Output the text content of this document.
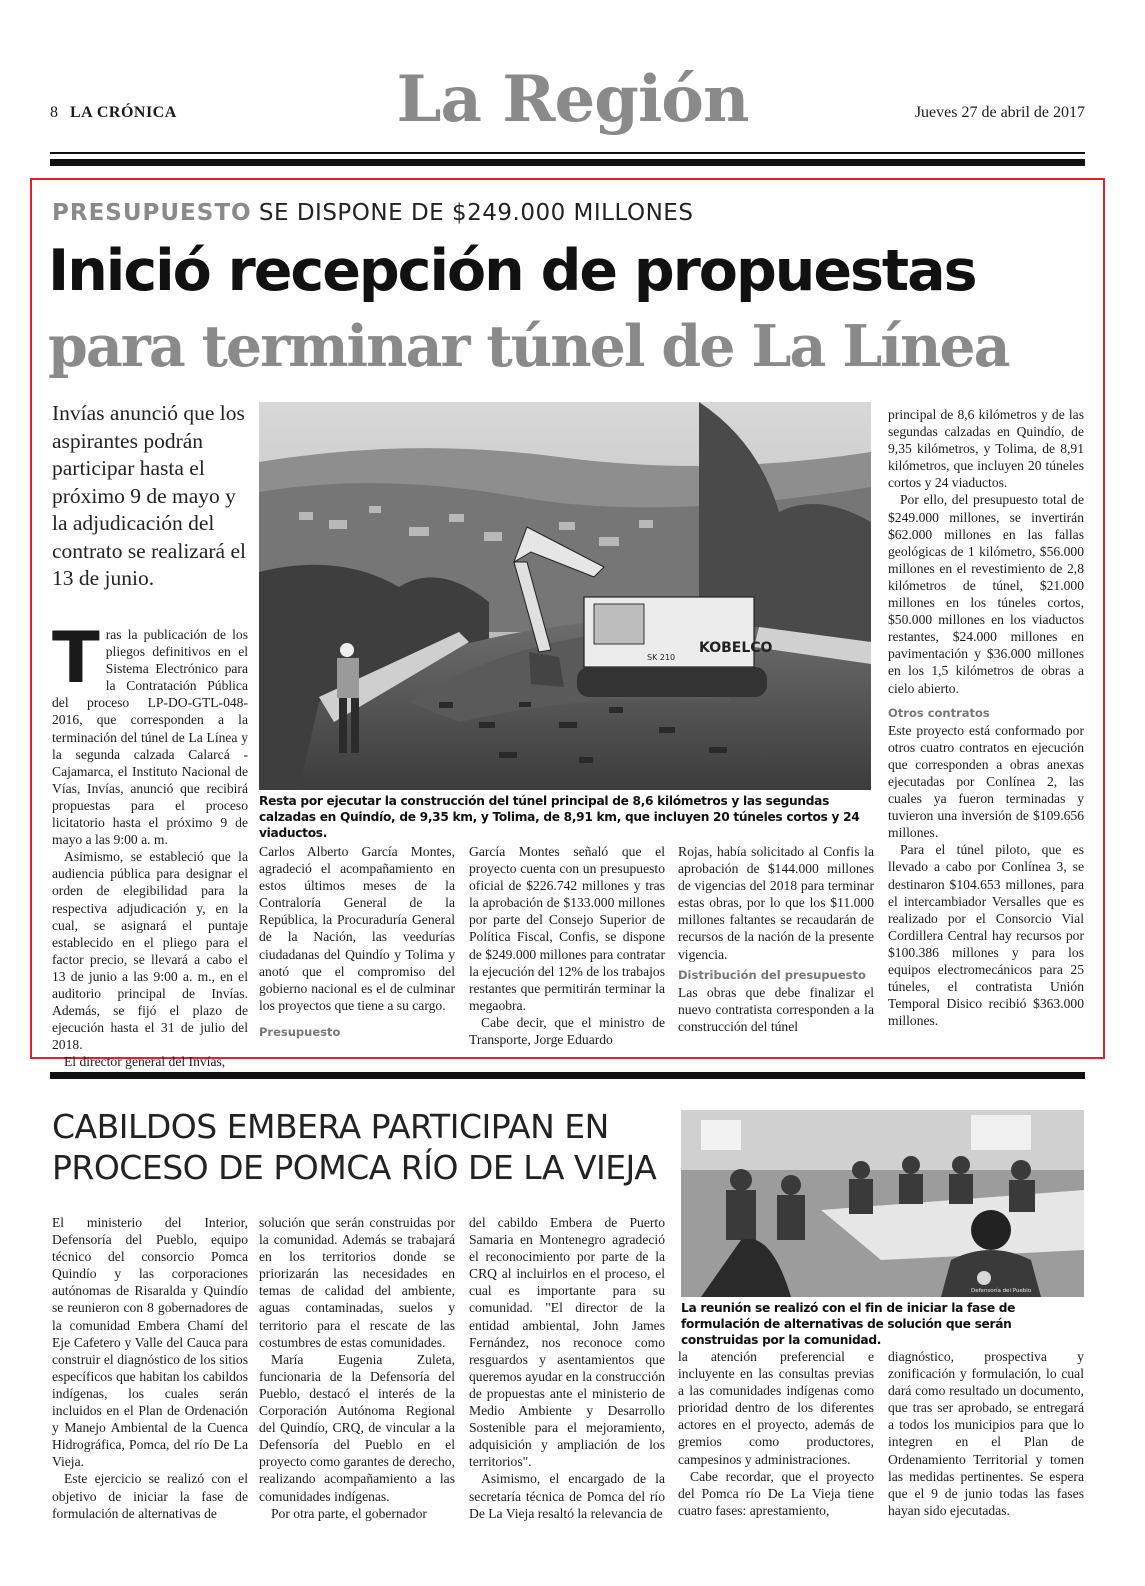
8 LA CRÓNICA	La Región	Jueves 27 de abril de 2017
PRESUPUESTO SE DISPONE DE $249.000 MILLONES
Inició recepción de propuestas
para terminar túnel de La Línea
Invías anunció que los aspirantes podrán participar hasta el próximo 9 de mayo y la adjudicación del contrato se realizará el 13 de junio.
KOBELCO
SK 210
Resta por ejecutar la construcción del túnel principal de 8,6 kilómetros y las segundas calzadas en Quindío, de 9,35 km, y Tolima, de 8,91 km, que incluyen 20 túneles cortos y 24 viaductos.

Tras la publicación de los pliegos definitivos en el Sistema Electrónico para la Contratación Pública del proceso LP-DO-GTL-048-2016, que corresponden a la terminación del túnel de La Línea y la segunda calzada Calarcá - Cajamarca, el Instituto Nacional de Vías, Invías, anunció que recibirá propuestas para el proceso licitatorio hasta el próximo 9 de mayo a las 9:00 a. m.

Asimismo, se estableció que la audiencia pública para designar el orden de elegibilidad para la respectiva adjudicación y, en la cual, se asignará el puntaje establecido en el pliego para el factor precio, se llevará a cabo el 13 de junio a las 9:00 a. m., en el auditorio principal de Invías. Además, se fijó el plazo de ejecución hasta el 31 de julio del 2018.

El director general del Invías,

Carlos Alberto García Montes, agradeció el acompañamiento en estos últimos meses de la Contraloría General de la República, la Procuraduría General de la Nación, las veedurías ciudadanas del Quindío y Tolima y anotó que el compromiso del gobierno nacional es el de culminar los proyectos que tiene a su cargo.

Presupuesto

García Montes señaló que el proyecto cuenta con un presupuesto oficial de $226.742 millones y tras la aprobación de $133.000 millones por parte del Consejo Superior de Política Fiscal, Confis, se dispone de $249.000 millones para contratar la ejecución del 12% de los trabajos restantes que permitirán terminar la megaobra.

Cabe decir, que el ministro de Transporte, Jorge Eduardo

Rojas, había solicitado al Confis la aprobación de $144.000 millones de vigencias del 2018 para terminar estas obras, por lo que los $11.000 millones faltantes se recaudarán de recursos de la nación de la presente vigencia.

Distribución del presupuesto

Las obras que debe finalizar el nuevo contratista corresponden a la construcción del túnel

principal de 8,6 kilómetros y de las segundas calzadas en Quindío, de 9,35 kilómetros, y Tolima, de 8,91 kilómetros, que incluyen 20 túneles cortos y 24 viaductos.

Por ello, del presupuesto total de $249.000 millones, se invertirán $62.000 millones en las fallas geológicas de 1 kilómetro, $56.000 millones en el revestimiento de 2,8 kilómetros de túnel, $21.000 millones en los túneles cortos, $50.000 millones en los viaductos restantes, $24.000 millones en pavimentación y $36.000 millones en los 1,5 kilómetros de obras a cielo abierto.

Otros contratos

Este proyecto está conformado por otros cuatro contratos en ejecución que corresponden a obras anexas ejecutadas por Conlínea 2, las cuales ya fueron terminadas y tuvieron una inversión de $109.656 millones.

Para el túnel piloto, que es llevado a cabo por Conlínea 3, se destinaron $104.653 millones, para el intercambiador Versalles que es realizado por el Consorcio Vial Cordillera Central hay recursos por $100.386 millones y para los equipos electromecánicos para 25 túneles, el contratista Unión Temporal Disico recibió $363.000 millones.

CABILDOS EMBERA PARTICIPAN EN PROCESO DE POMCA RÍO DE LA VIEJA
Defensoría del Pueblo
La reunión se realizó con el fin de iniciar la fase de formulación de alternativas de solución que serán construidas por la comunidad.

El ministerio del Interior, Defensoría del Pueblo, equipo técnico del consorcio Pomca Quindío y las corporaciones autónomas de Risaralda y Quindío se reunieron con 8 gobernadores de la comunidad Embera Chamí del Eje Cafetero y Valle del Cauca para construir el diagnóstico de los sitios específicos que habitan los cabildos indígenas, los cuales serán incluidos en el Plan de Ordenación y Manejo Ambiental de la Cuenca Hidrográfica, Pomca, del río De La Vieja.

Este ejercicio se realizó con el objetivo de iniciar la fase de formulación de alternativas de

solución que serán construidas por la comunidad. Además se trabajará en los territorios donde se priorizarán las necesidades en temas de calidad del ambiente, aguas contaminadas, suelos y territorio para el rescate de las costumbres de estas comunidades.

María Eugenia Zuleta, funcionaria de la Defensoría del Pueblo, destacó el interés de la Corporación Autónoma Regional del Quindío, CRQ, de vincular a la Defensoría del Pueblo en el proyecto como garantes de derecho, realizando acompañamiento a las comunidades indígenas.

Por otra parte, el gobernador

del cabildo Embera de Puerto Samaria en Montenegro agradeció el reconocimiento por parte de la CRQ al incluirlos en el proceso, el cual es importante para su comunidad. "El director de la entidad ambiental, John James Fernández, nos reconoce como resguardos y asentamientos que queremos ayudar en la construcción de propuestas ante el ministerio de Medio Ambiente y Desarrollo Sostenible para el mejoramiento, adquisición y ampliación de los territorios".

Asimismo, el encargado de la secretaría técnica de Pomca del río De La Vieja resaltó la relevancia de

la atención preferencial e incluyente en las consultas previas a las comunidades indígenas como prioridad dentro de los diferentes actores en el proyecto, además de gremios como productores, campesinos y administraciones.

Cabe recordar, que el proyecto del Pomca río De La Vieja tiene cuatro fases: aprestamiento,

diagnóstico, prospectiva y zonificación y formulación, lo cual dará como resultado un documento, que tras ser aprobado, se entregará a todos los municipios para que lo integren en el Plan de Ordenamiento Territorial y tomen las medidas pertinentes. Se espera que el 9 de junio todas las fases hayan sido ejecutadas.
